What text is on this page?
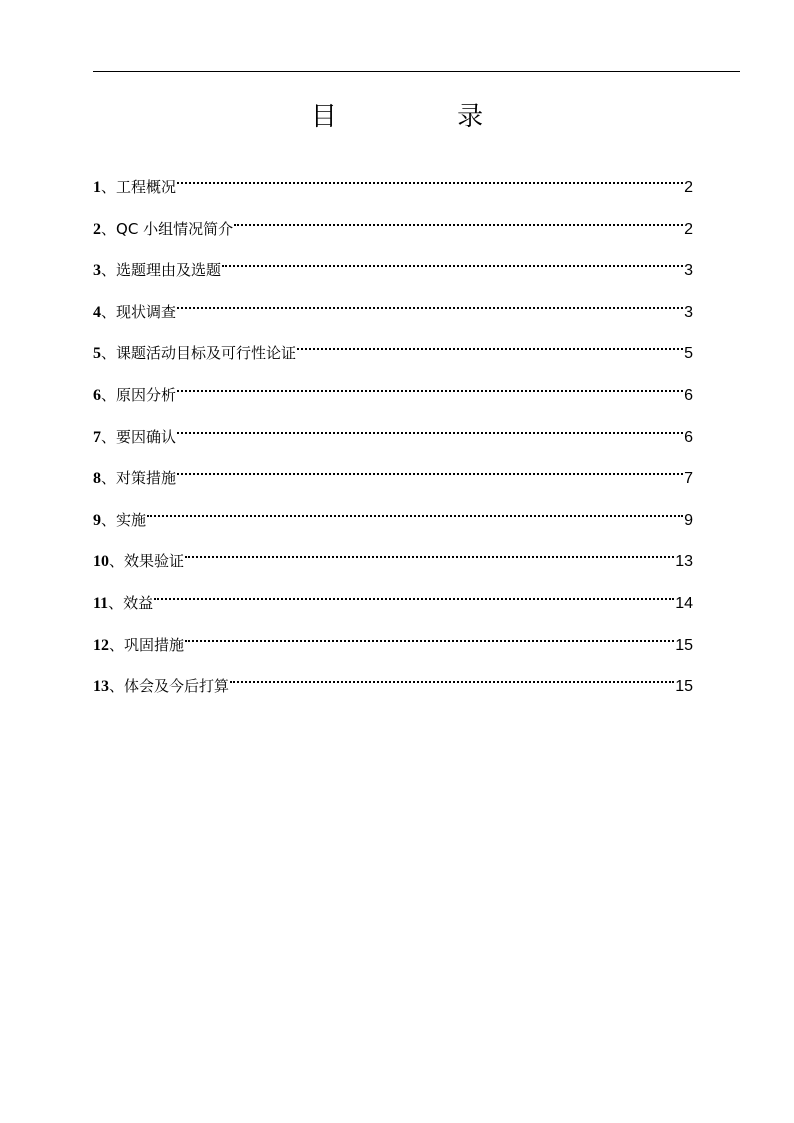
目 录
1 、 工程概况	2
2 、 QC 小组情况简介	2
3 、 选题理由及选题	3
4 、 现状调查	3
5 、 课题活动目标及可行性论证	5
6 、 原因分析	6
7 、 要因确认	6
8 、 对策措施	7
9 、 实施	9
10 、 效果验证	13
11 、 效益	14
12 、 巩固措施	15
13 、 体会及今后打算	15
